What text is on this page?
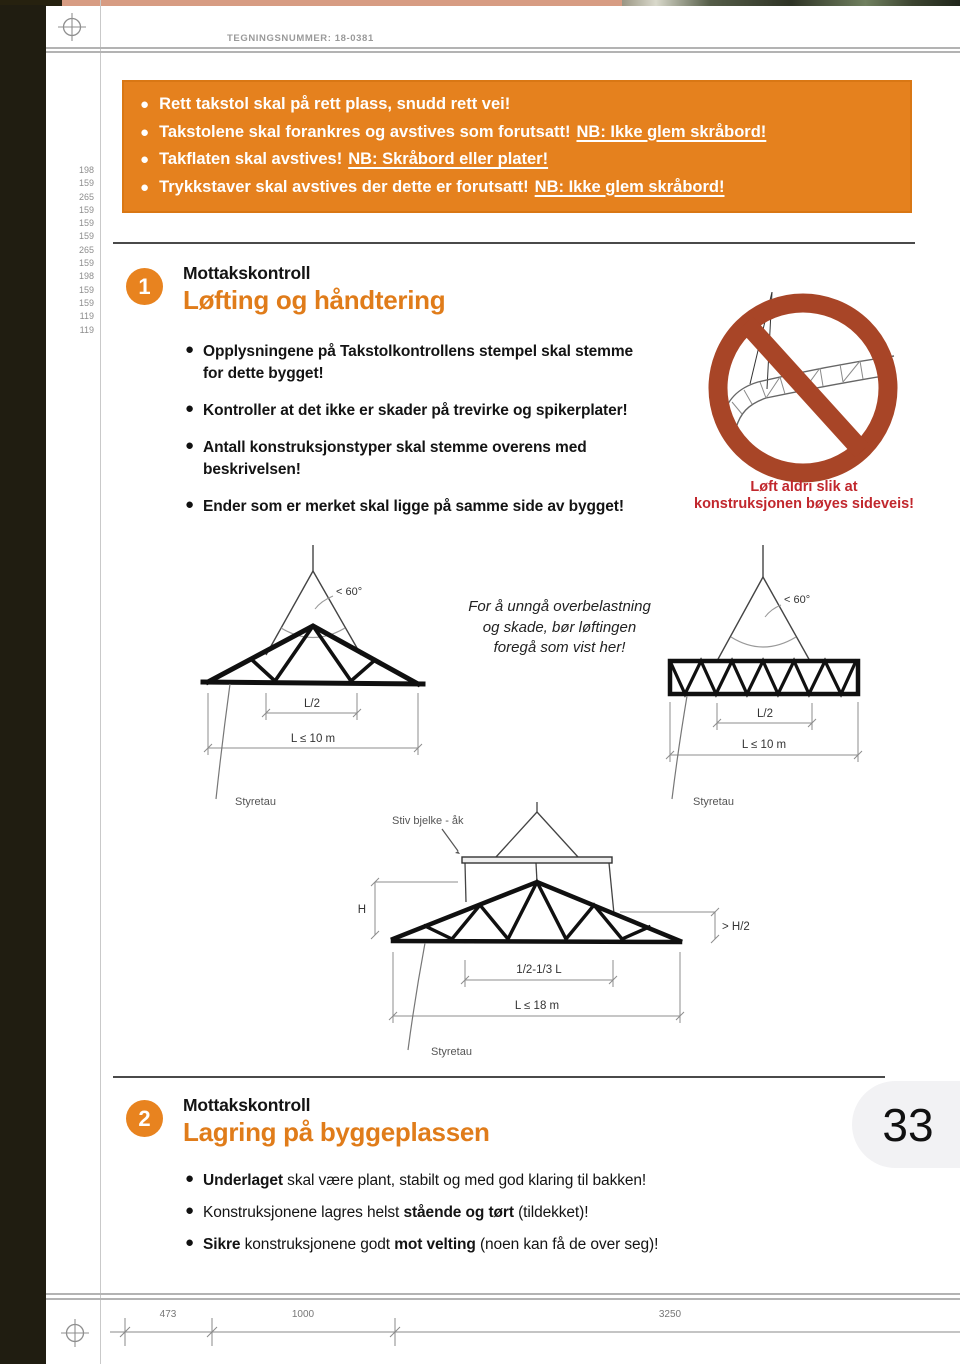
TEGNINGSNUMMER: 18-0381
198
159
265
159
159
159
265
159
198
159
159
119
119
● Rett takstol skal på rett plass, snudd rett vei!
● Takstolene skal forankres og avstives som forutsatt! NB: Ikke glem skråbord!
● Takflaten skal avstives! NB: Skråbord eller plater!
● Trykkstaver skal avstives der dette er forutsatt! NB: Ikke glem skråbord!
1
Mottakskontroll
Løfting og håndtering
● Opplysningene på Takstolkontrollens stempel skal stemme
for dette bygget!
● Kontroller at det ikke er skader på trevirke og spikerplater!
● Antall konstruksjonstyper skal stemme overens med
beskrivelsen!
● Ender som er merket skal ligge på samme side av bygget!
Løft aldri slik at
konstruksjonen bøyes sideveis!
For å unngå overbelastning
og skade, bør løftingen
foregå som vist her!
< 60°
L/2
L ≤ 10 m
Styretau
< 60°
L/2
L ≤ 10 m
Styretau
Stiv bjelke - åk
H
> H/2
1/2-1/3 L
L ≤ 18 m
Styretau
33
2
Mottakskontroll
Lagring på byggeplassen
● Underlaget skal være plant, stabilt og med god klaring til bakken!
● Konstruksjonene lagres helst stående og tørt (tildekket)!
● Sikre konstruksjonene godt mot velting (noen kan få de over seg)!
473	1000	3250
